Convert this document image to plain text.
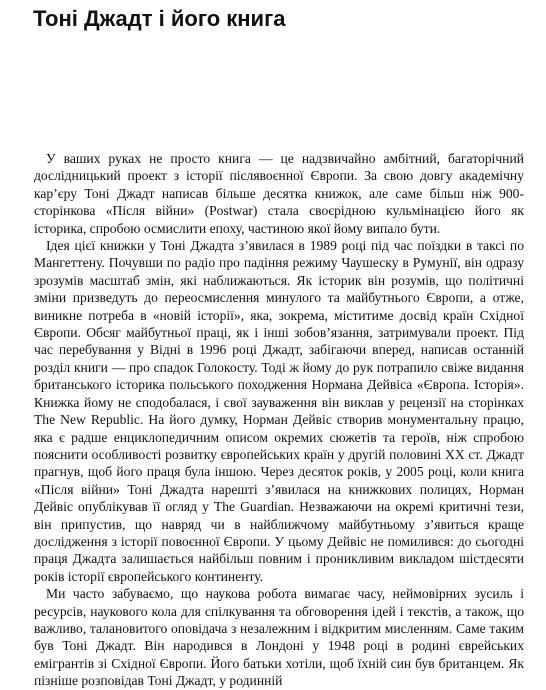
Тоні Джадт і його книга

У ваших руках не просто книга — це надзвичайно амбітний, багаторічний дослідницький проект з історії післявоєнної Європи. За свою довгу академічну кар’єру Тоні Джадт написав більше десятка книжок, але саме більш ніж 900-сторінкова «Після війни» (Postwar) стала своєрідною кульмінацією його як історика, спробою осмислити епоху, частиною якої йому випало бути.

Ідея цієї книжки у Тоні Джадта з’явилася в 1989 році під час поїздки в таксі по Мангеттену. Почувши по радіо про падіння режиму Чаушеску в Румунії, він одразу зрозумів масштаб змін, які наближаються. Як історик він розумів, що політичні зміни призведуть до переосмислення минулого та майбутнього Європи, а отже, виникне потреба в «новій історії», яка, зокрема, міститиме досвід країн Східної Європи. Обсяг майбутньої праці, як і інші зобов’язання, затримували проект. Під час перебування у Відні в 1996 році Джадт, забігаючи вперед, написав останній розділ книги — про спадок Голокосту. Тоді ж йому до рук потрапило свіже видання британського історика польського походження Нормана Дейвіса «Європа. Історія». Книжка йому не сподобалася, і свої зауваження він виклав у рецензії на сторінках The New Republic. На його думку, Норман Дейвіс створив монументальну працю, яка є радше енциклопедичним описом окремих сюжетів та героїв, ніж спробою пояснити особливості розвитку європейських країн у другій половині XX ст. Джадт прагнув, щоб його праця була іншою. Через десяток років, у 2005 році, коли книга «Після війни» Тоні Джадта нарешті з’явилася на книжкових полицях, Норман Дейвіс опублікував її огляд у The Guardian. Незважаючи на окремі критичні тези, він припустив, що навряд чи в найближчому майбутньому з’явиться краще дослідження з історії повоєнної Європи. У цьому Дейвіс не помилився: до сьогодні праця Джадта залишається найбільш повним і проникливим викладом шістдесяти років історії європейського континенту.

Ми часто забуваємо, що наукова робота вимагає часу, неймовірних зусиль і ресурсів, наукового кола для спілкування та обговорення ідей і текстів, а також, що важливо, талановитого оповідача з незалежним і відкритим мисленням. Саме таким був Тоні Джадт. Він народився в Лондоні у 1948 році в родині єврейських емігрантів зі Східної Європи. Його батьки хотіли, щоб їхній син був британцем. Як пізніше розповідав Тоні Джадт, у родинній
